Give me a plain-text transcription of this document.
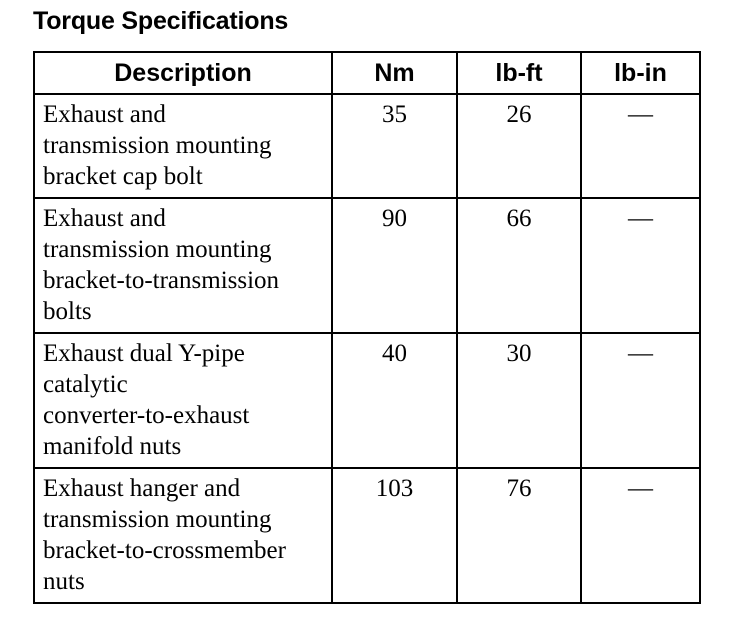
Torque Specifications
Description	Nm	lb-ft	lb-in
Exhaust and
transmission mounting
bracket cap bolt	35	26	—
Exhaust and
transmission mounting
bracket-to-transmission
bolts	90	66	—
Exhaust dual Y-pipe
catalytic
converter-to-exhaust
manifold nuts	40	30	—
Exhaust hanger and
transmission mounting
bracket-to-crossmember
nuts	103	76	—
